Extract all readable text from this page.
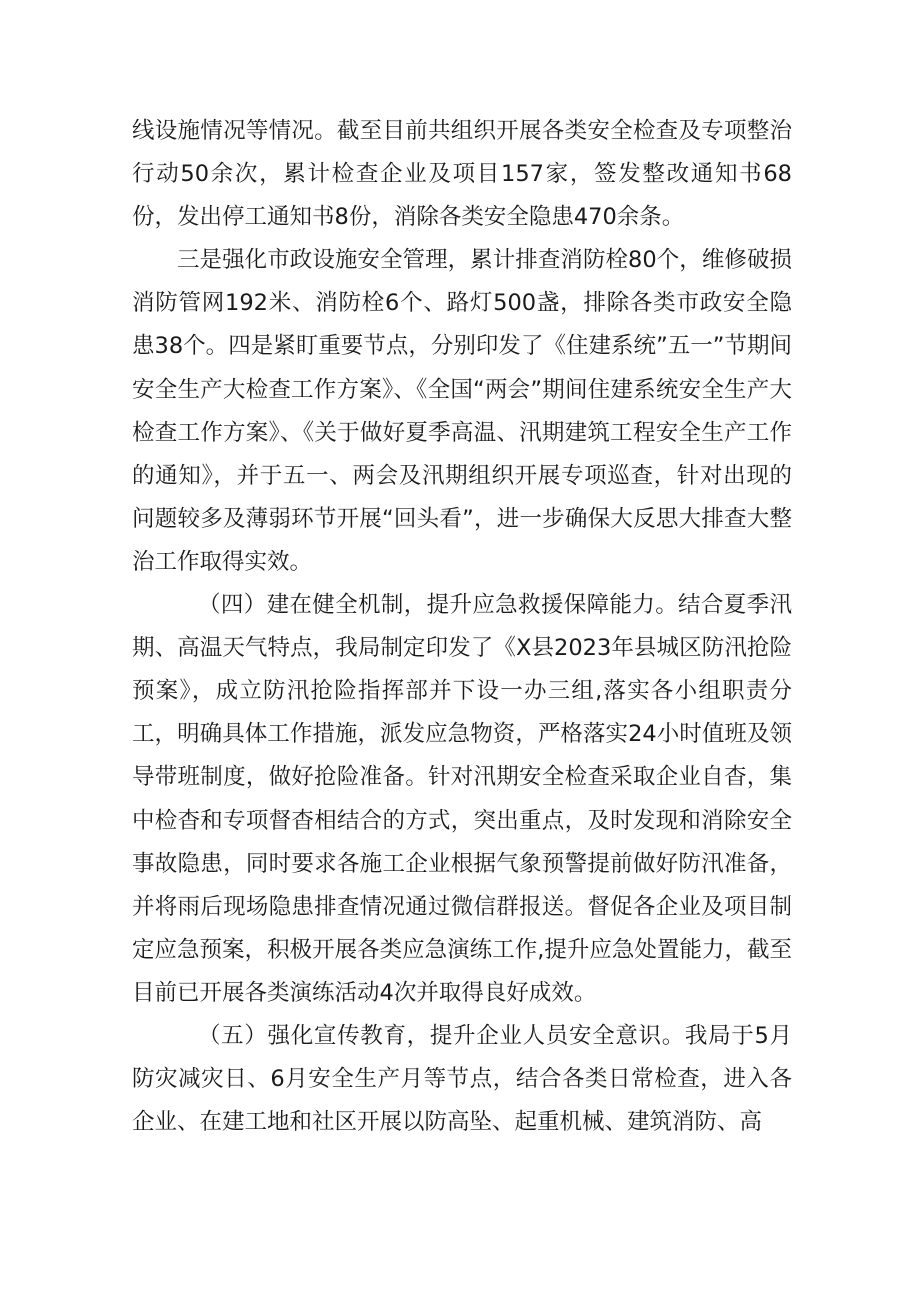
线设施情况等情况。截至目前共组织开展各类安全检查及专项整治行动50余次，累计检查企业及项目157家，签发整改通知书68份，发出停工通知书8份，消除各类安全隐患470余条。

三是强化市政设施安全管理，累计排查消防栓80个，维修破损消防管网192米、消防栓6个、路灯500盏，排除各类市政安全隐患38个。四是紧盯重要节点，分别印发了《住建系统”五一”节期间安全生产大检查工作方案》、《全国“两会”期间住建系统安全生产大检查工作方案》、《关于做好夏季高温、汛期建筑工程安全生产工作的通知》，并于五一、两会及汛期组织开展专项巡查，针对出现的问题较多及薄弱环节开展“回头看”，进一步确保大反思大排查大整治工作取得实效。

（四）建在健全机制，提升应急救援保障能力。结合夏季汛期、高温天气特点，我局制定印发了《X县2023年县城区防汛抢险预案》，成立防汛抢险指挥部并下设一办三组,落实各小组职责分工，明确具体工作措施，派发应急物资，严格落实24小时值班及领导带班制度，做好抢险准备。针对汛期安全检查采取企业自杳，集中检杳和专项督杳相结合的方式，突出重点，及时发现和消除安全事故隐患，同时要求各施工企业根据气象预警提前做好防汛准备，并将雨后现场隐患排查情况通过微信群报送。督促各企业及项目制定应急预案，积极开展各类应急演练工作,提升应急处置能力，截至目前已开展各类演练活动4次并取得良好成效。

（五）强化宣传教育，提升企业人员安全意识。我局于5月防灾减灾日、6月安全生产月等节点，结合各类日常检查，进入各企业、在建工地和社区开展以防高坠、起重机械、建筑消防、高
